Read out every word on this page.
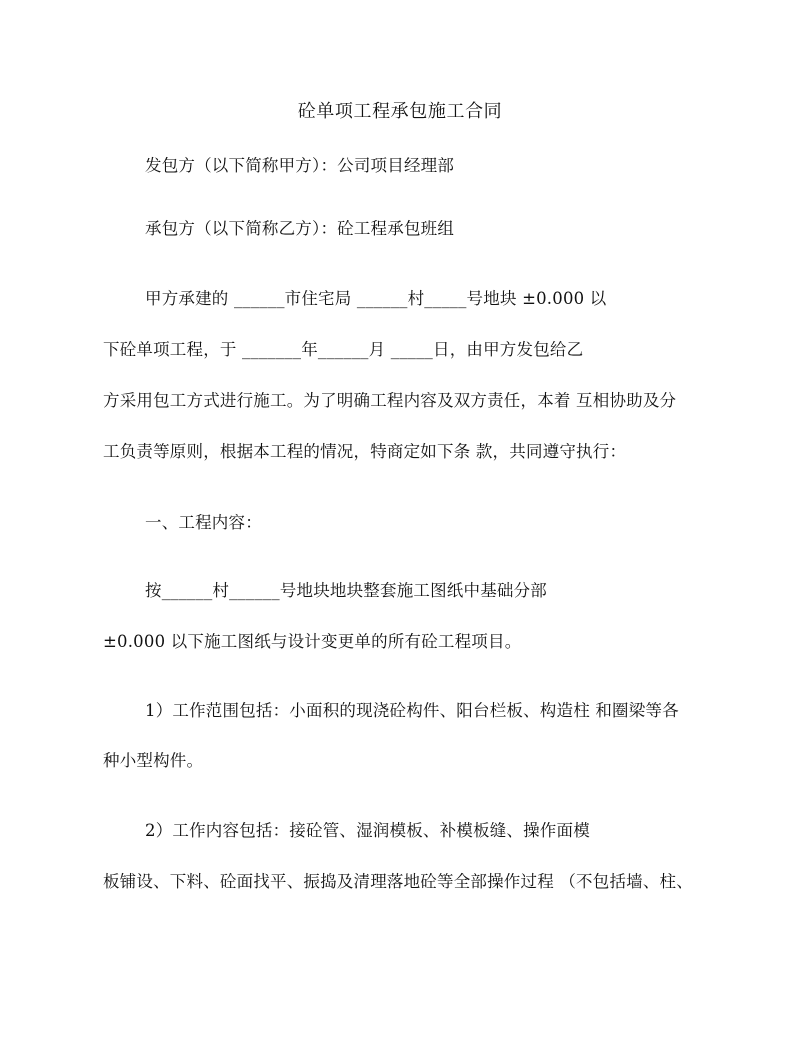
砼单项工程承包施工合同
发包方（以下简称甲方）：公司项目经理部
承包方（以下简称乙方）：砼工程承包班组
甲方承建的 ______市住宅局 ______村_____号地块 ±0.000 以
下砼单项工程，于 _______年______月 _____日，由甲方发包给乙
方采用包工方式进行施工。为了明确工程内容及双方责任，本着 互相协助及分
工负责等原则，根据本工程的情况，特商定如下条 款，共同遵守执行：
一、工程内容：
按______村______号地块地块整套施工图纸中基础分部
±0.000 以下施工图纸与设计变更单的所有砼工程项目。
1）工作范围包括：小面积的现浇砼构件、阳台栏板、构造柱 和圈梁等各
种小型构件。
2）工作内容包括：接砼管、湿润模板、补模板缝、操作面模
板铺设、下料、砼面找平、振捣及清理落地砼等全部操作过程 （不包括墙、柱、
